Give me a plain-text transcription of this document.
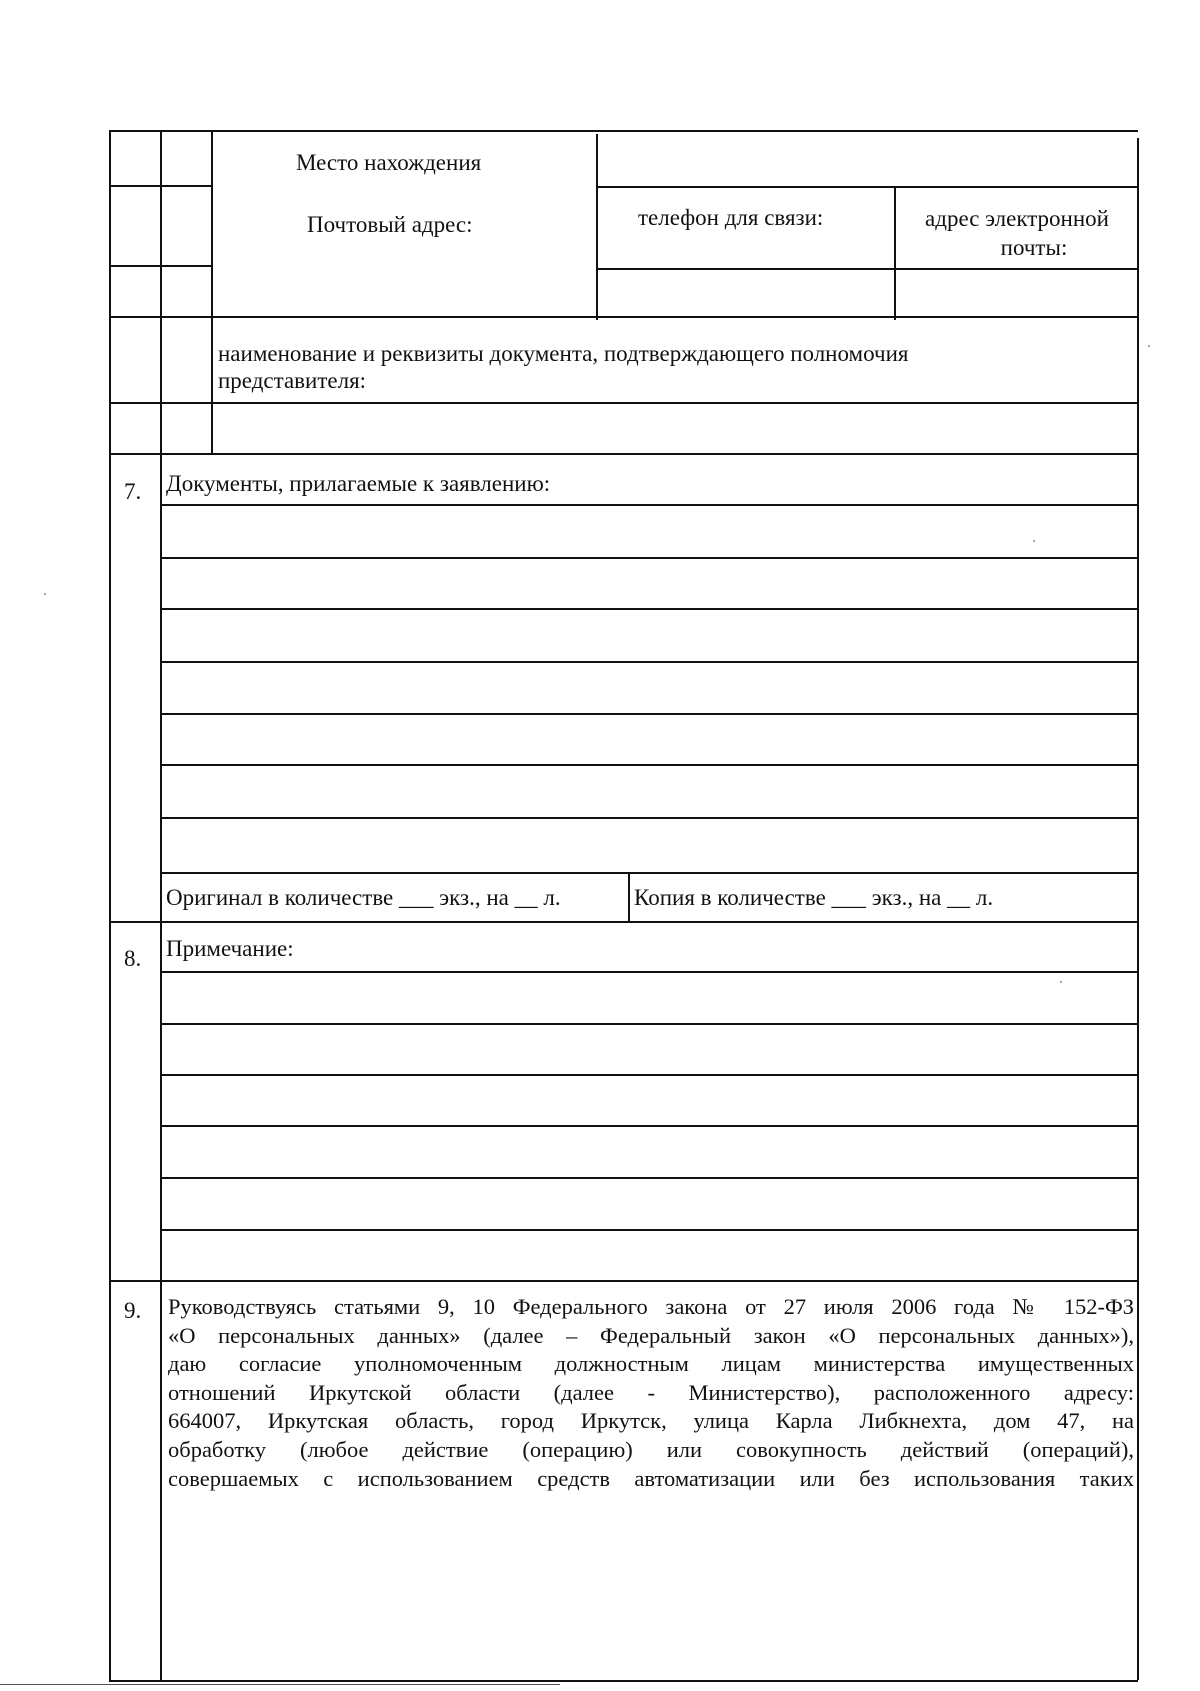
Место нахождения
Почтовый адрес:	телефон для связи:	адрес электронной
почты:
наименование и реквизиты документа, подтверждающего полномочия
представителя:
7. Документы, прилагаемые к заявлению:
Оригинал в количестве ___ экз., на __ л.	Копия в количестве ___ экз., на __ л.
8. Примечание:
9. Руководствуясь статьями 9, 10 Федерального закона от 27 июля 2006 года № 152-ФЗ
«О персональных данных» (далее – Федеральный закон «О персональных данных»),
даю согласие уполномоченным должностным лицам министерства имущественных
отношений Иркутской области (далее - Министерство), расположенного адресу:
664007, Иркутская область, город Иркутск, улица Карла Либкнехта, дом 47, на
обработку (любое действие (операцию) или совокупность действий (операций),
совершаемых с использованием средств автоматизации или без использования таких
